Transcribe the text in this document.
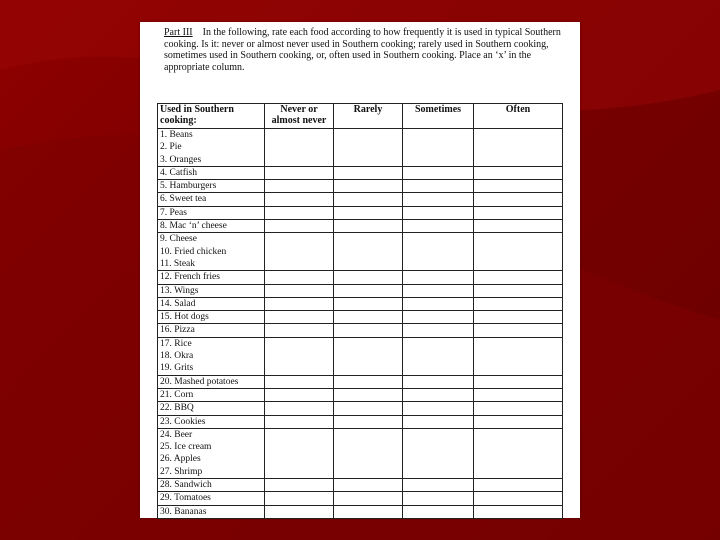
Part III In the following, rate each food according to how frequently it is used in typical Southern cooking. Is it: never or almost never used in Southern cooking; rarely used in Southern cooking, sometimes used in Southern cooking, or, often used in Southern cooking. Place an ‘x’ in the appropriate column.
Used in Southern cooking:	Never or almost never	Rarely	Sometimes	Often

1. Beans
2. Pie
3. Oranges				

4. Catfish				

5. Hamburgers				

6. Sweet tea				

7. Peas				

8. Mac ‘n’ cheese				

9. Cheese
10. Fried chicken
11. Steak				

12. French fries				

13. Wings				

14. Salad				

15. Hot dogs				

16. Pizza				

17. Rice
18. Okra
19. Grits				

20. Mashed potatoes				

21. Corn				

22. BBQ				

23. Cookies				

24. Beer
25. Ice cream
26. Apples
27. Shrimp				

28. Sandwich				

29. Tomatoes				

30. Bananas				
